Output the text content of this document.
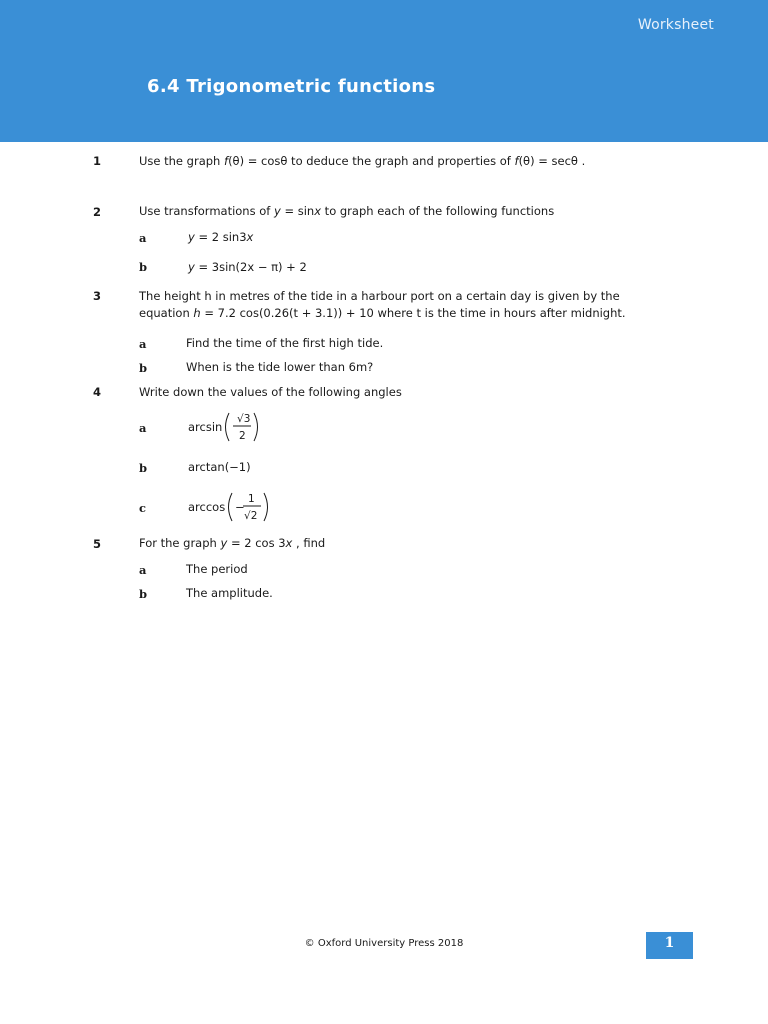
Worksheet
6.4 Trigonometric functions
1	Use the graph f(θ) = cosθ to deduce the graph and properties of f(θ) = secθ .
2	Use transformations of y = sinx to graph each of the following functions
a	y = 2 sin3x
b	y = 3sin(2x − π) + 2
3	The height h in metres of the tide in a harbour port on a certain day is given by the
equation h = 7.2 cos(0.26(t + 3.1)) + 10 where t is the time in hours after midnight.
a	Find the time of the first high tide.
b	When is the tide lower than 6m?
4	Write down the values of the following angles
a	arcsin
√3
2
b	arctan(−1)
c	arccos −
1
√2
5	For the graph y = 2 cos 3x , find
a	The period
b	The amplitude.
© Oxford University Press 2018	1
